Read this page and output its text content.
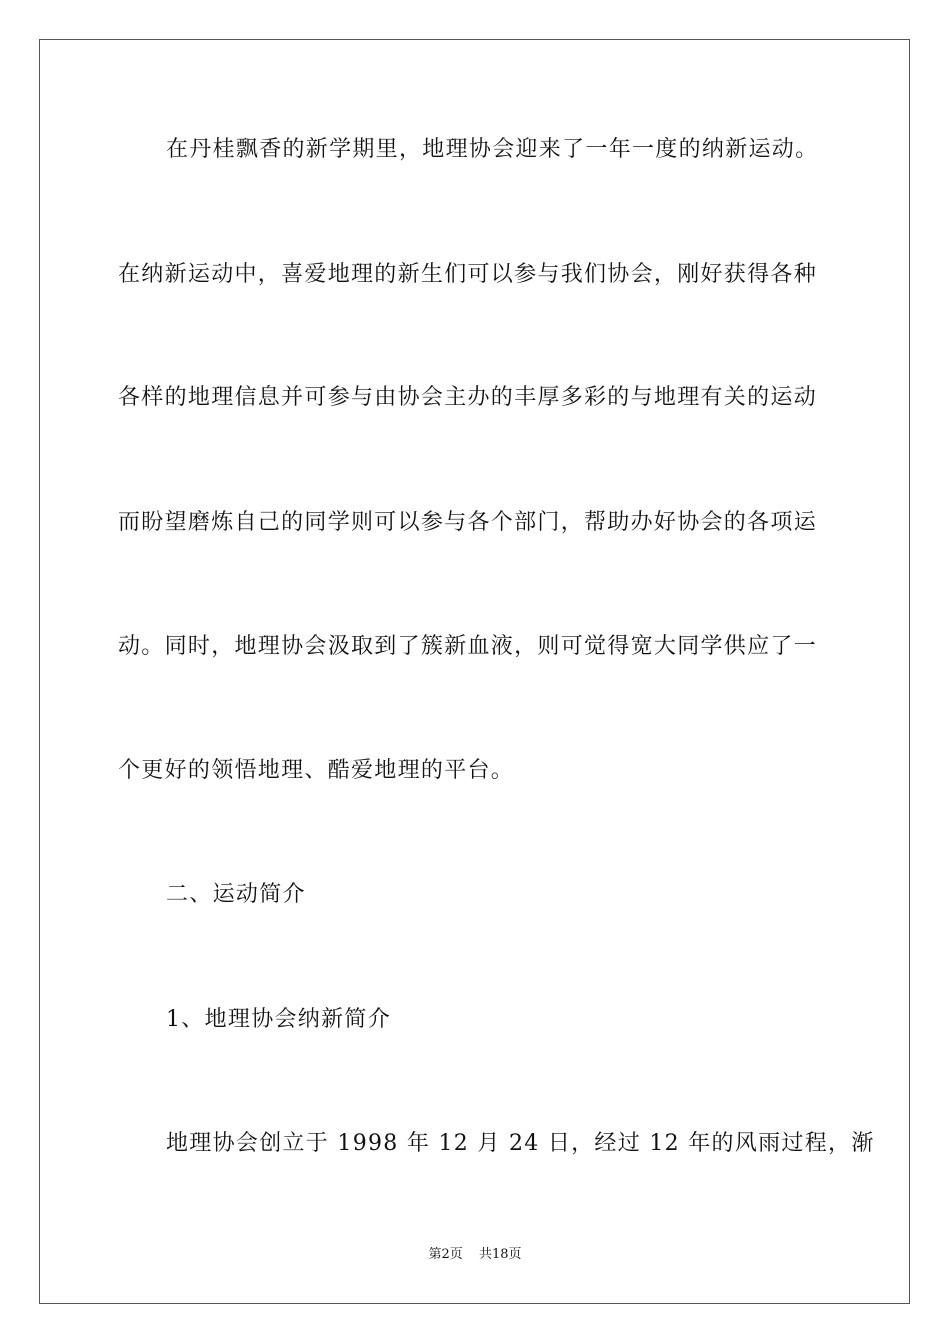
在丹桂飘香的新学期里，地理协会迎来了一年一度的纳新运动。
在纳新运动中，喜爱地理的新生们可以参与我们协会，刚好获得各种
各样的地理信息并可参与由协会主办的丰厚多彩的与地理有关的运动
而盼望磨炼自己的同学则可以参与各个部门，帮助办好协会的各项运
动。同时，地理协会汲取到了簇新血液，则可觉得宽大同学供应了一
个更好的领悟地理、酷爱地理的平台。
二、运动简介
1、地理协会纳新简介
地理协会创立于 1998 年 12 月 24 日，经过 12 年的风雨过程，渐
第2页 共18页
